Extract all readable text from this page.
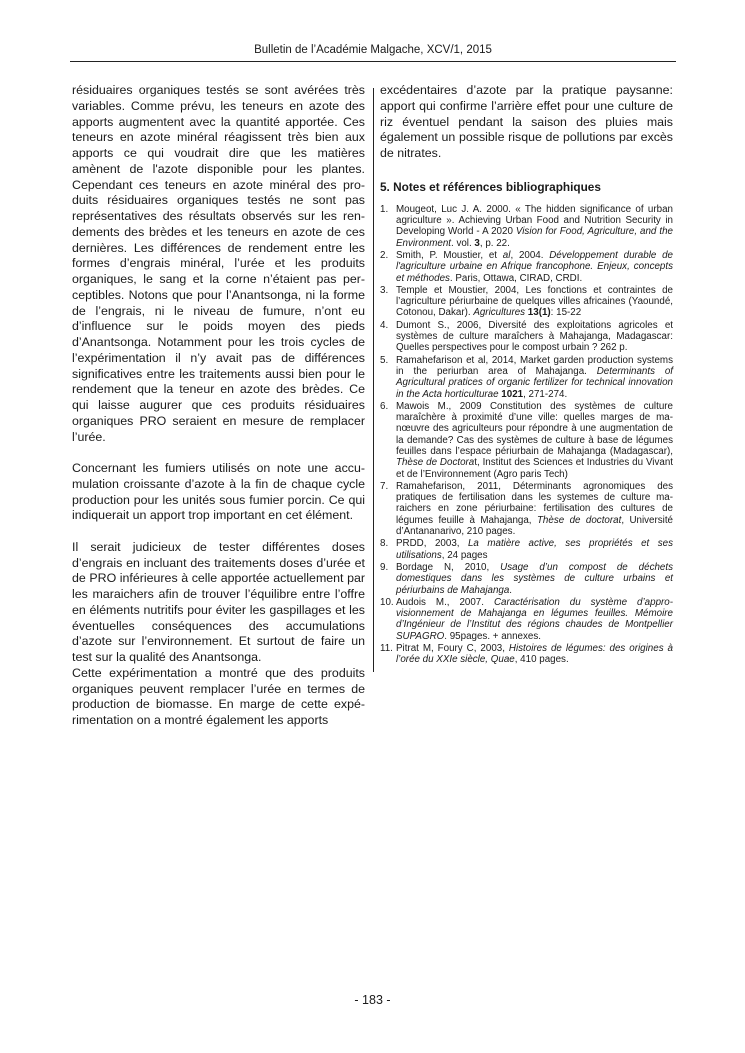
Bulletin de l’Académie Malgache, XCV/1, 2015

résiduaires organiques testés se sont avérées très variables. Comme prévu, les teneurs en azote des apports augmentent avec la quantité apportée. Ces teneurs en azote minéral réagissent très bien aux apports ce qui voudrait dire que les matières amènent de l'azote disponible pour les plantes. Cependant ces teneurs en azote minéral des produits résiduaires organiques testés ne sont pas représentatives des résultats observés sur les rendements des brèdes et les teneurs en azote de ces dernières. Les différences de rendement entre les formes d’engrais minéral, l’urée et les produits organiques, le sang et la corne n’étaient pas perceptibles. Notons que pour l’Anantsonga, ni la forme de l’engrais, ni le niveau de fumure, n’ont eu d’influence sur le poids moyen des pieds d’Anantsonga. Notamment pour les trois cycles de l’expérimentation il n’y avait pas de différences significatives entre les traitements aussi bien pour le rendement que la teneur en azote des brèdes. Ce qui laisse augurer que ces produits résiduaires organiques PRO seraient en mesure de remplacer l’urée.

Concernant les fumiers utilisés on note une accumulation croissante d’azote à la fin de chaque cycle production pour les unités sous fumier porcin. Ce qui indiquerait un apport trop important en cet élément.

Il serait judicieux de tester différentes doses d’engrais en incluant des traitements doses d’urée et de PRO inférieures à celle apportée actuellement par les maraichers afin de trouver l’équilibre entre l’offre en éléments nutritifs pour éviter les gaspillages et les éventuelles conséquences des accumulations d’azote sur l’environnement. Et surtout de faire un test sur la qualité des Anantsonga.

Cette expérimentation a montré que des produits organiques peuvent remplacer l’urée en termes de production de biomasse. En marge de cette expérimentation on a montré également les apports

excédentaires d’azote par la pratique paysanne: apport qui confirme l’arrière effet pour une culture de riz éventuel pendant la saison des pluies mais également un possible risque de pollutions par excès de nitrates.

5. Notes et références bibliographiques
1. Mougeot, Luc J. A. 2000. « The hidden significance of urban agriculture ». Achieving Urban Food and Nutrition Security in Developing World - A 2020 Vision for Food, Agriculture, and the Environment. vol. 3, p. 22.
2. Smith, P. Moustier, et al, 2004. Développement durable de l'agriculture urbaine en Afrique francophone. Enjeux, concepts et méthodes. Paris, Ottawa, CIRAD, CRDI.
3. Temple et Moustier, 2004, Les fonctions et contraintes de l’agriculture périurbaine de quelques villes africaines (Yaoundé, Cotonou, Dakar). Agricultures 13(1): 15-22
4. Dumont S., 2006, Diversité des exploitations agricoles et systèmes de culture maraîchers à Mahajanga, Madagascar: Quelles perspectives pour le compost urbain ? 262 p.
5. Ramahefarison et al, 2014, Market garden production systems in the periurban area of Mahajanga. Determinants of Agricultural pratices of organic fertilizer for technical innovation in the Acta horticulturae 1021, 271-274.
6. Mawois M., 2009 Constitution des systèmes de culture maraîchère à proximité d’une ville: quelles marges de manœuvre des agriculteurs pour répondre à une augmentation de la demande? Cas des systèmes de culture à base de légumes feuilles dans l’espace périurbain de Mahajanga (Madagascar), Thèse de Doctorat, Institut des Sciences et Industries du Vivant et de l’Environnement (Agro paris Tech)
7. Ramahefarison, 2011, Déterminants agronomiques des pratiques de fertilisation dans les systemes de culture maraichers en zone périurbaine: fertilisation des cultures de légumes feuille à Mahajanga, Thèse de doctorat, Université d’Antananarivo, 210 pages.
8. PRDD, 2003, La matière active, ses propriétés et ses utilisations, 24 pages
9. Bordage N, 2010, Usage d’un compost de déchets domestiques dans les systèmes de culture urbains et périurbains de Mahajanga.
10. Audois M., 2007. Caractérisation du système d’approvisionnement de Mahajanga en légumes feuilles. Mémoire d’Ingénieur de l’Institut des régions chaudes de Montpellier SUPAGRO. 95pages. + annexes.
11. Pitrat M, Foury C, 2003, Histoires de légumes: des origines à l’orée du XXIe siècle, Quae, 410 pages.
- 183 -
